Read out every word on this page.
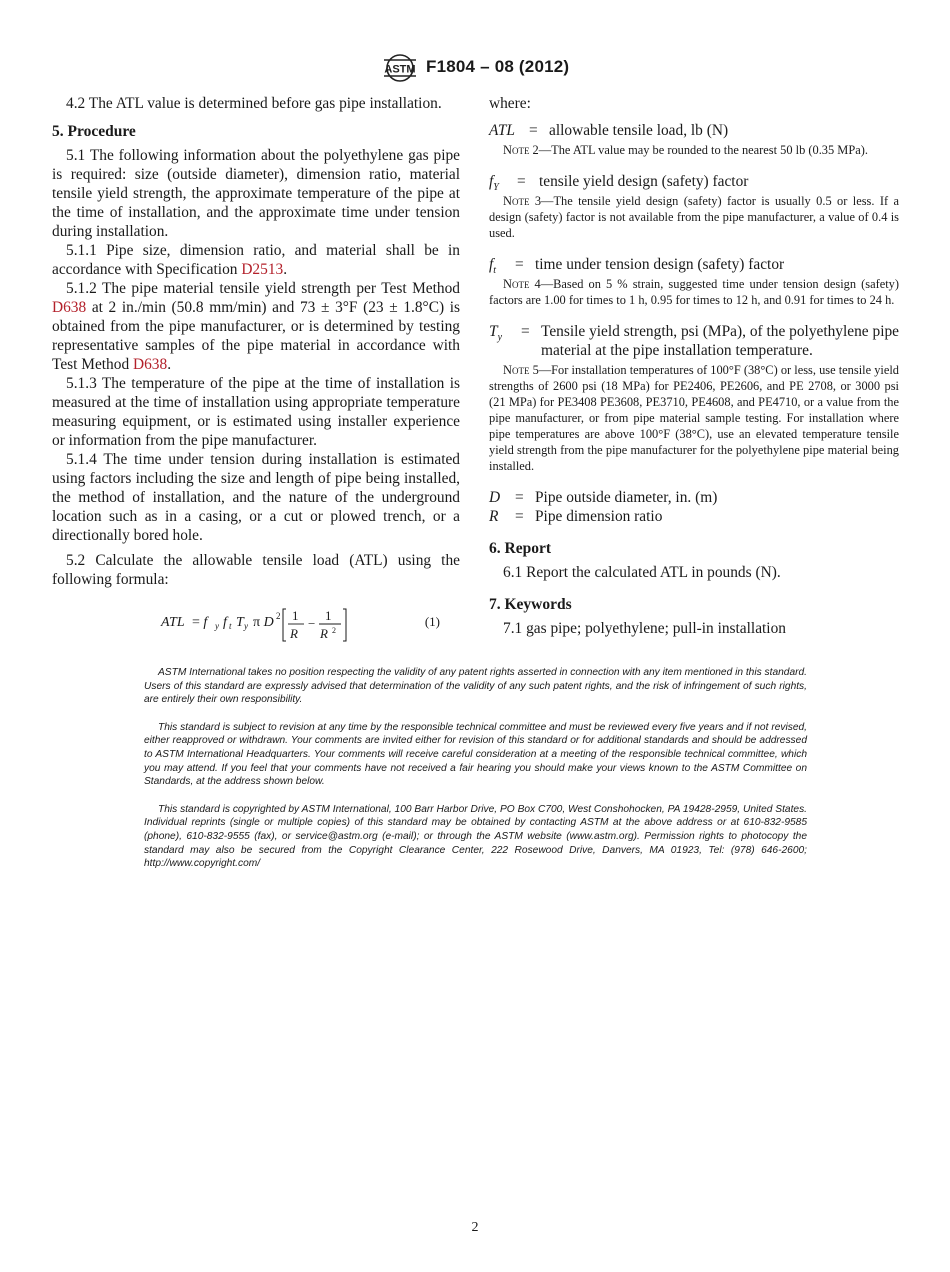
ASTM F1804 – 08 (2012)

4.2 The ATL value is determined before gas pipe installation.

5. Procedure

5.1 The following information about the polyethylene gas pipe is required: size (outside diameter), dimension ratio, material tensile yield strength, the approximate temperature of the pipe at the time of installation, and the approximate time under tension during installation.

5.1.1 Pipe size, dimension ratio, and material shall be in accordance with Specification D2513.

5.1.2 The pipe material tensile yield strength per Test Method D638 at 2 in./min (50.8 mm/min) and 73 ± 3°F (23 ± 1.8°C) is obtained from the pipe manufacturer, or is determined by testing representative samples of the pipe material in accordance with Test Method D638.

5.1.3 The temperature of the pipe at the time of installation is measured at the time of installation using appropriate temperature measuring equipment, or is estimated using installer experience or information from the pipe manufacturer.

5.1.4 The time under tension during installation is estimated using factors including the size and length of pipe being installed, the method of installation, and the nature of the underground location such as in a casing, or a cut or plowed trench, or a directionally bored hole.

5.2 Calculate the allowable tensile load (ATL) using the following formula:

ATL = f y f t T y π D 2 1
R
−
1
R 2
(1)

where:

ATL = allowable tensile load, lb (N)

Note 2—The ATL value may be rounded to the nearest 50 lb (0.35 MPa).

$f_Y$ = tensile yield design (safety) factor

Note 3—The tensile yield design (safety) factor is usually 0.5 or less. If a design (safety) factor is not available from the pipe manufacturer, a value of 0.4 is used.

$f_t$ = time under tension design (safety) factor

Note 4—Based on 5 % strain, suggested time under tension design (safety) factors are 1.00 for times to 1 h, 0.95 for times to 12 h, and 0.91 for times to 24 h.

$T_y$ = Tensile yield strength, psi (MPa), of the polyethylene pipe material at the pipe installation temperature.

Note 5—For installation temperatures of 100°F (38°C) or less, use tensile yield strengths of 2600 psi (18 MPa) for PE2406, PE2606, and PE 2708, or 3000 psi (21 MPa) for PE3408 PE3608, PE3710, PE4608, and PE4710, or a value from the pipe manufacturer, or from pipe material sample testing. For installation where pipe temperatures are above 100°F (38°C), use an elevated temperature tensile yield strength from the pipe manufacturer for the polyethylene pipe material being installed.

D = Pipe outside diameter, in. (m)
R = Pipe dimension ratio

6. Report

6.1 Report the calculated ATL in pounds (N).

7. Keywords

7.1 gas pipe; polyethylene; pull-in installation

ASTM International takes no position respecting the validity of any patent rights asserted in connection with any item mentioned in this standard. Users of this standard are expressly advised that determination of the validity of any such patent rights, and the risk of infringement of such rights, are entirely their own responsibility.

This standard is subject to revision at any time by the responsible technical committee and must be reviewed every five years and if not revised, either reapproved or withdrawn. Your comments are invited either for revision of this standard or for additional standards and should be addressed to ASTM International Headquarters. Your comments will receive careful consideration at a meeting of the responsible technical committee, which you may attend. If you feel that your comments have not received a fair hearing you should make your views known to the ASTM Committee on Standards, at the address shown below.

This standard is copyrighted by ASTM International, 100 Barr Harbor Drive, PO Box C700, West Conshohocken, PA 19428-2959, United States. Individual reprints (single or multiple copies) of this standard may be obtained by contacting ASTM at the above address or at 610-832-9585 (phone), 610-832-9555 (fax), or service@astm.org (e-mail); or through the ASTM website (www.astm.org). Permission rights to photocopy the standard may also be secured from the Copyright Clearance Center, 222 Rosewood Drive, Danvers, MA 01923, Tel: (978) 646-2600; http://www.copyright.com/

2
